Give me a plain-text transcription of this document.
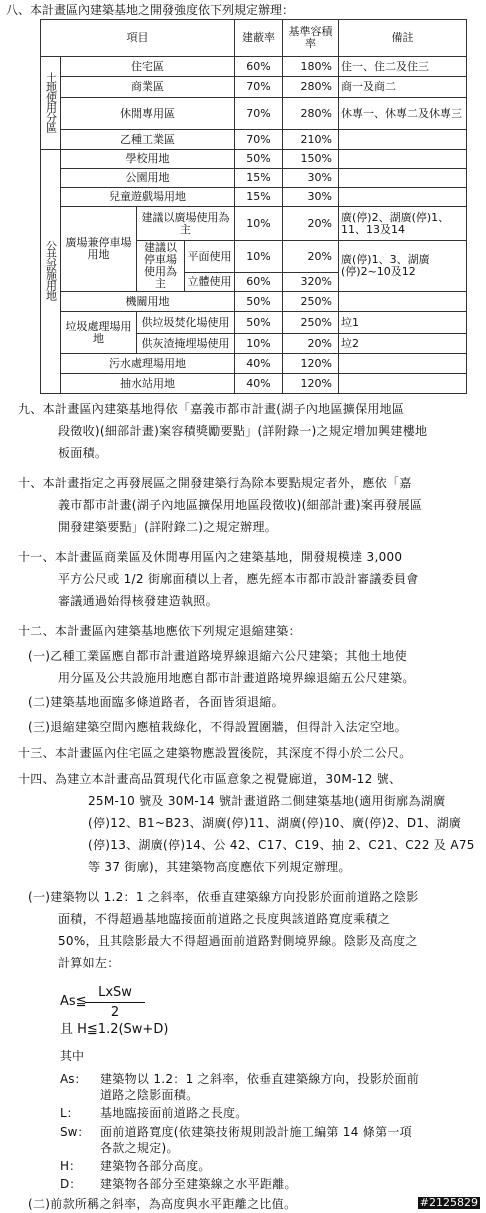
八、本計畫區內建築基地之開發強度依下列規定辦理：
項目				建蔽率	基準容積率	備註
土地使用分區	住宅區			60%	180%	住一、住二及住三
	商業區			70%	280%	商一及商二
	休閒專用區			70%	280%	休專一、休專二及休專三
	乙種工業區			70%	210%	
公共設施用地	學校用地			50%	150%	
	公園用地			15%	30%	
	兒童遊戲場用地			15%	30%	
	廣場兼停車場用地	建議以廣場使用為主		10%	20%	廣(停)2、湖廣(停)1、11、13及14
		建議以停車場使用為主	平面使用	10%	20%	廣(停)1、3、湖廣(停)2~10及12
			立體使用	60%	320%	
	機關用地			50%	250%	
	垃圾處理場用地	供垃圾焚化場使用		50%	250%	垃1
		供灰渣掩埋場使用		10%	20%	垃2
	污水處理場用地			40%	120%	
	抽水站用地			40%	120%	
九、本計畫區內建築基地得依「嘉義市都市計畫(湖子內地區擴保用地區
段徵收)(細部計畫)案容積獎勵要點」(詳附錄一)之規定增加興建樓地
板面積。
十、本計畫指定之再發展區之開發建築行為除本要點規定者外，應依「嘉
義市都市計畫(湖子內地區擴保用地區段徵收)(細部計畫)案再發展區
開發建築要點」(詳附錄二)之規定辦理。
十一、本計畫區商業區及休閒專用區內之建築基地，開發規模達 3,000
平方公尺或 1/2 街廓面積以上者，應先經本市都市設計審議委員會
審議通過始得核發建造執照。
十二、本計畫區內建築基地應依下列規定退縮建築：
(一)乙種工業區應自都市計畫道路境界線退縮六公尺建築；其他土地使
用分區及公共設施用地應自都市計畫道路境界線退縮五公尺建築。
(二)建築基地面臨多條道路者，各面皆須退縮。
(三)退縮建築空間內應植栽綠化，不得設置圍牆，但得計入法定空地。
十三、本計畫區內住宅區之建築物應設置後院，其深度不得小於二公尺。
十四、為建立本計畫高品質現代化市區意象之視覺廊道，30M-12 號、
25M-10 號及 30M-14 號計畫道路二側建築基地(適用街廓為湖廣
(停)12、B1~B23、湖廣(停)11、湖廣(停)10、廣(停)2、D1、湖廣
(停)13、湖廣(停)14、公 42、C17、C19、抽 2、C21、C22 及 A75
等 37 街廓)，其建築物高度應依下列規定辦理。
(一)建築物以 1.2：1 之斜率，依垂直建築線方向投影於面前道路之陰影
面積，不得超過基地臨接面前道路之長度與該道路寬度乘積之
50%，且其陰影最大不得超過面前道路對側境界線。陰影及高度之
計算如左：
As≦
LxSw
2
且 H≦1.2(Sw+D)
其中
As： 建築物以 1.2：1 之斜率，依垂直建築線方向，投影於面前
道路之陰影面積。
L： 基地臨接面前道路之長度。
Sw： 面前道路寬度(依建築技術規則設計施工編第 14 條第一項
各款之規定)。
H： 建築物各部分高度。
D： 建築物各部分至建築線之水平距離。
(二)前款所稱之斜率，為高度與水平距離之比值。	#2125829
